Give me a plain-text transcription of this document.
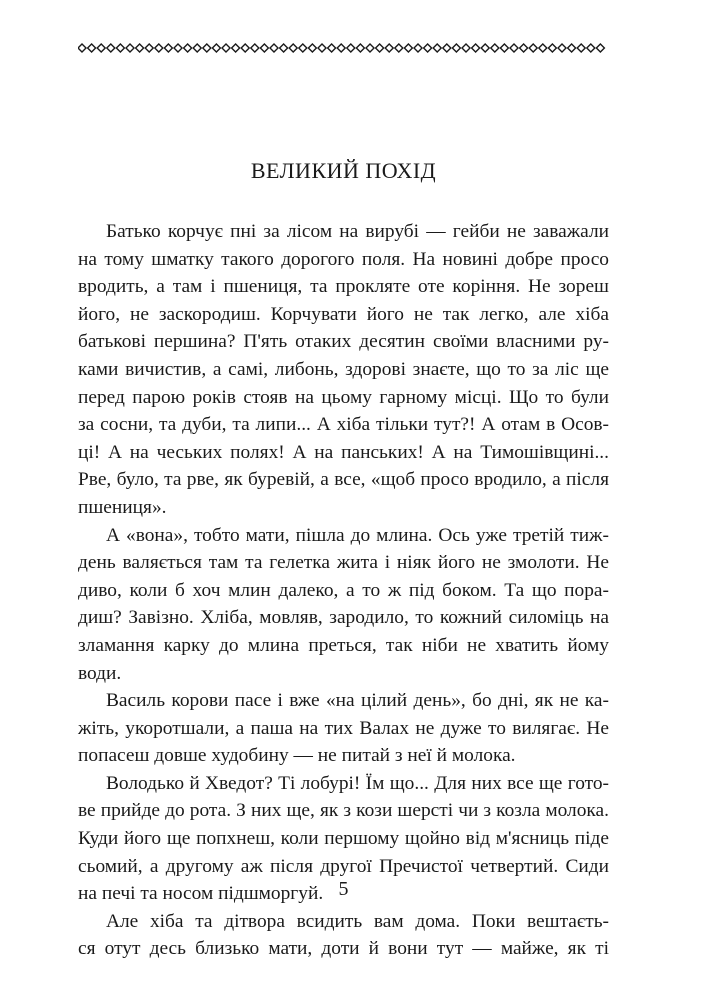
ВЕЛИКИЙ ПОХІД
Батько корчує пні за лісом на вирубі — гейби не заважали
на тому шматку такого дорогого поля. На новині добре просо
вродить, а там і пшениця, та прокляте оте коріння. Не зореш
його, не заскородиш. Корчувати його не так легко, але хіба
батькові першина? П'ять отаких десятин своїми власними ру-
ками вичистив, а самі, либонь, здорові знаєте, що то за ліс ще
перед парою років стояв на цьому гарному місці. Що то були
за сосни, та дуби, та липи... А хіба тільки тут?! А отам в Осов-
ці! А на чеських полях! А на панських! А на Тимошівщині...
Рве, було, та рве, як буревій, а все, «щоб просо вродило, а після
пшениця».
А «вона», тобто мати, пішла до млина. Ось уже третій тиж-
день валяється там та гелетка жита і ніяк його не змолоти. Не
диво, коли б хоч млин далеко, а то ж під боком. Та що пора-
диш? Завізно. Хліба, мовляв, зародило, то кожний силоміць на
зламання карку до млина преться, так ніби не хватить йому
води.
Василь корови пасе і вже «на цілий день», бо дні, як не ка-
жіть, укоротшали, а паша на тих Валах не дуже то вилягає. Не
попасеш довше худобину — не питай з неї й молока.
Володько й Хведот? Ті лобурі! Їм що... Для них все ще гото-
ве прийде до рота. З них ще, як з кози шерсті чи з козла молока.
Куди його ще попхнеш, коли першому щойно від м'ясниць піде
сьомий, а другому аж після другої Пречистої четвертий. Сиди
на печі та носом підшморгуй.
Але хіба та дітвора всидить вам дома. Поки вештаєть-
ся отут десь близько мати, доти й вони тут — майже, як ті
5
